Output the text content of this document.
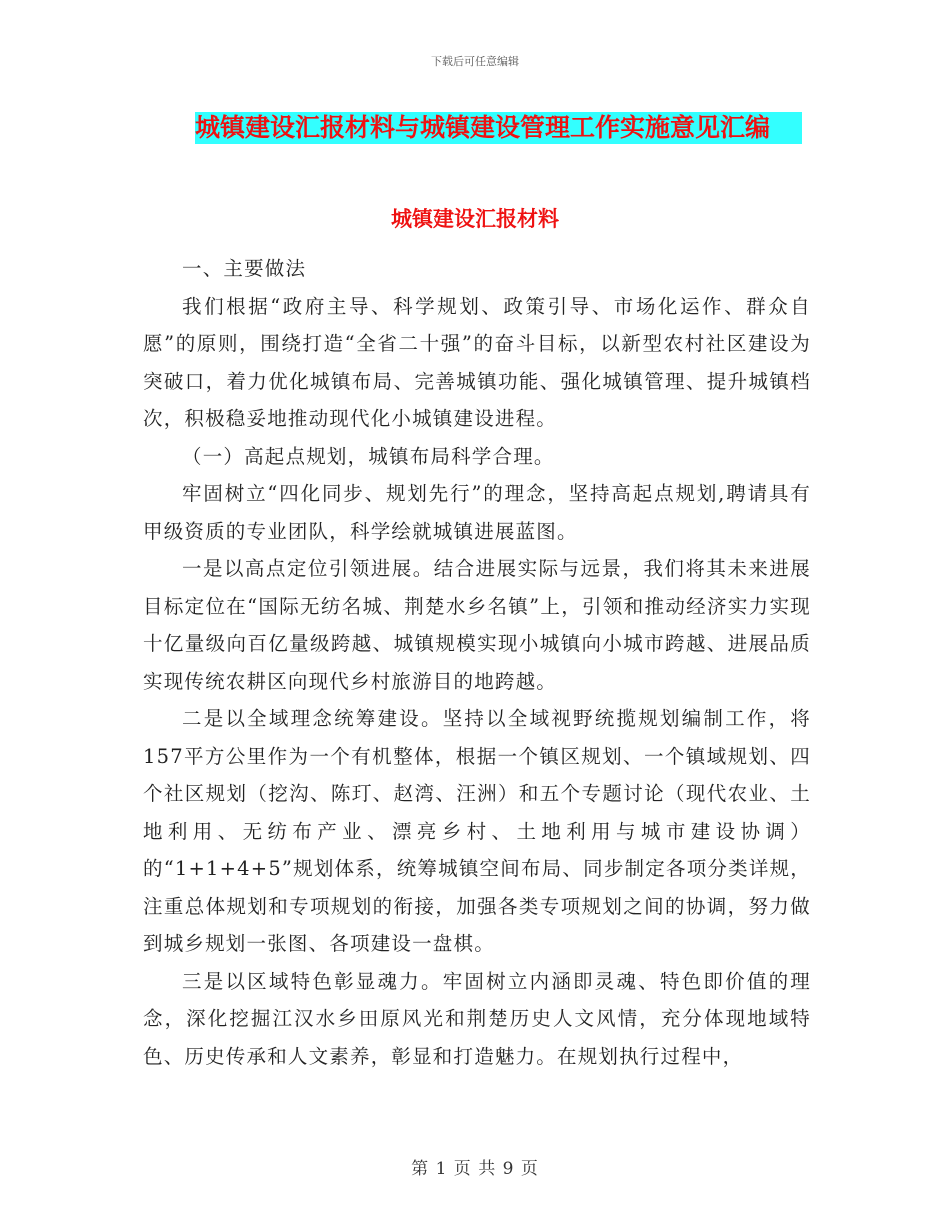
下载后可任意编辑
城镇建设汇报材料与城镇建设管理工作实施意见汇编
城镇建设汇报材料

一、主要做法

我们根据“政府主导、科学规划、政策引导、市场化运作、群众自愿”的原则，围绕打造“全省二十强”的奋斗目标，以新型农村社区建设为突破口，着力优化城镇布局、完善城镇功能、强化城镇管理、提升城镇档次，积极稳妥地推动现代化小城镇建设进程。

（一）高起点规划，城镇布局科学合理。

牢固树立“四化同步、规划先行”的理念，坚持高起点规划,聘请具有甲级资质的专业团队，科学绘就城镇进展蓝图。

一是以高点定位引领进展。结合进展实际与远景，我们将其未来进展目标定位在“国际无纺名城、荆楚水乡名镇”上，引领和推动经济实力实现十亿量级向百亿量级跨越、城镇规模实现小城镇向小城市跨越、进展品质实现传统农耕区向现代乡村旅游目的地跨越。

二是以全域理念统筹建设。坚持以全域视野统揽规划编制工作，将157平方公里作为一个有机整体，根据一个镇区规划、一个镇域规划、四个社区规划（挖沟、陈玎、赵湾、汪洲）和五个专题讨论（现代农业、土地利用、无纺布产业、漂亮乡村、土地利用与城市建设协调）的“1+1+4+5”规划体系，统筹城镇空间布局、同步制定各项分类详规，注重总体规划和专项规划的衔接，加强各类专项规划之间的协调，努力做到城乡规划一张图、各项建设一盘棋。

三是以区域特色彰显魂力。牢固树立内涵即灵魂、特色即价值的理念，深化挖掘江汉水乡田原风光和荆楚历史人文风情，充分体现地域特色、历史传承和人文素养，彰显和打造魅力。在规划执行过程中，

第 1 页 共 9 页
